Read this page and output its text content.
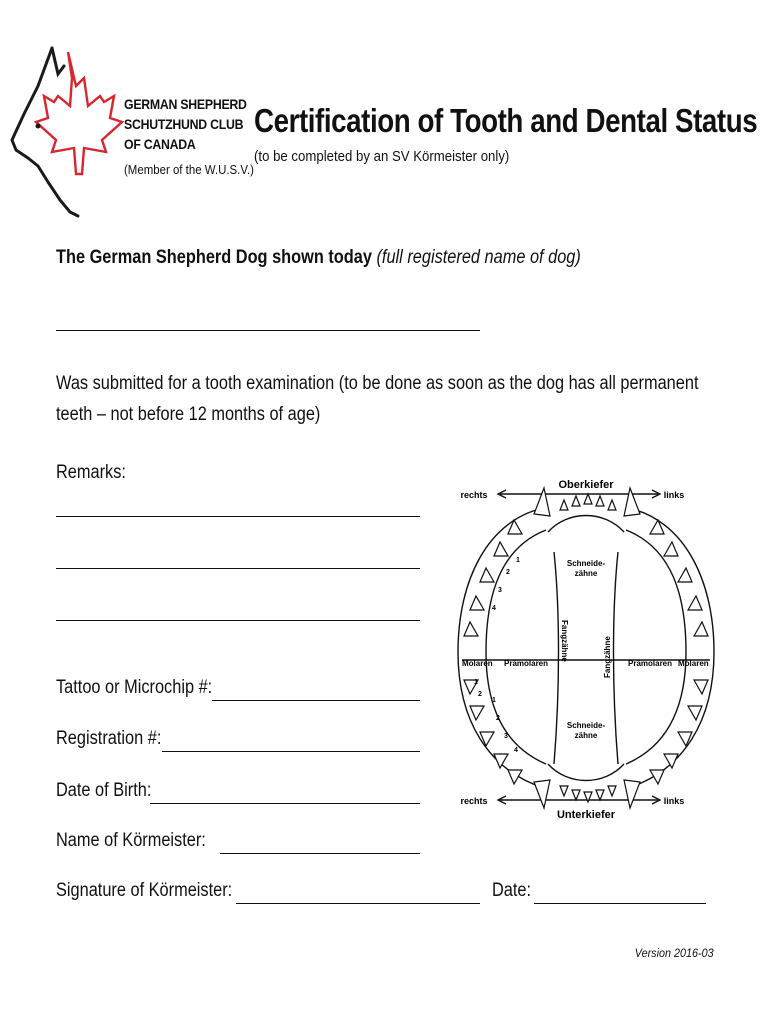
GERMAN SHEPHERD
SCHUTZHUND CLUB
OF CANADA
(Member of the W.U.S.V.)
Certification of Tooth and Dental Status
(to be completed by an SV Körmeister only)
The German Shepherd Dog shown today (full registered name of dog)
Was submitted for a tooth examination (to be done as soon as the dog has all permanent teeth – not before 12 months of age)
Remarks:
Tattoo or Microchip #:
Registration #:
Date of Birth:
Name of Körmeister:
Signature of Körmeister:	Date:
Oberkiefer
Unterkiefer
rechts	links
rechts	links
Schneide-
zähne
Schneide-
zähne
Fangzähne	Fangzähne
Molaren Prämolaren	Prämolaren Molaren
1
2
3
4
1
2
3
4
1
2
Version 2016-03
